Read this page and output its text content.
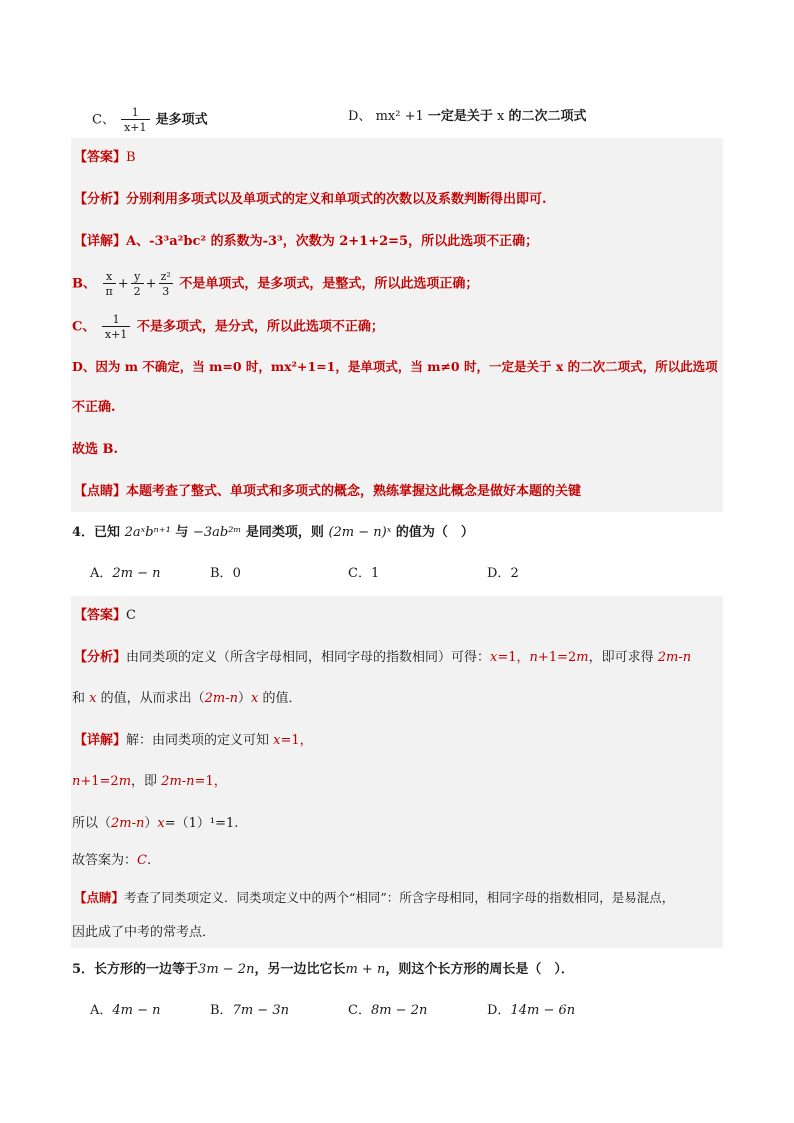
C、 $\frac{1}{x+1}$ 是多项式	D、 mx² +1 一定是关于 x 的二次二项式
【答案】B
【分析】分别利用多项式以及单项式的定义和单项式的次数以及系数判断得出即可.
【详解】A、-3³a²bc² 的系数为-3³，次数为 2+1+2=5，所以此选项不正确；
B、 $\frac{x}{\pi} + \frac{y}{2} + \frac{\text{z²}}{3}$ 不是单项式，是多项式，是整式，所以此选项正确；
C、 $\frac{1}{x+1}$ 不是多项式，是分式，所以此选项不正确；
D、因为 m 不确定，当 m=0 时，mx²+1=1，是单项式，当 m≠0 时，一定是关于 x 的二次二项式，所以此选项
不正确.
故选 B.
【点睛】本题考查了整式、单项式和多项式的概念，熟练掌握这此概念是做好本题的关键
4．已知 2aˣbⁿ⁺¹ 与 −3ab²ᵐ 是同类项，则 (2m − n)ˣ 的值为（　）
A．2m − n	B．0	C．1	D．2
【答案】C
【分析】由同类项的定义（所含字母相同，相同字母的指数相同）可得：x=1，n+1=2m，即可求得 2m-n
和 x 的值，从而求出（2m-n）x 的值．
【详解】解：由同类项的定义可知 x=1，
n+1=2m，即 2m-n=1，
所以（2m-n）x=（1）¹=1.
故答案为：C.
【点睛】考查了同类项定义．同类项定义中的两个“相同”：所含字母相同，相同字母的指数相同，是易混点，
因此成了中考的常考点．
5．长方形的一边等于3m − 2n，另一边比它长m + n，则这个长方形的周长是（　）．
A．4m − n	B．7m − 3n	C．8m − 2n	D．14m − 6n
